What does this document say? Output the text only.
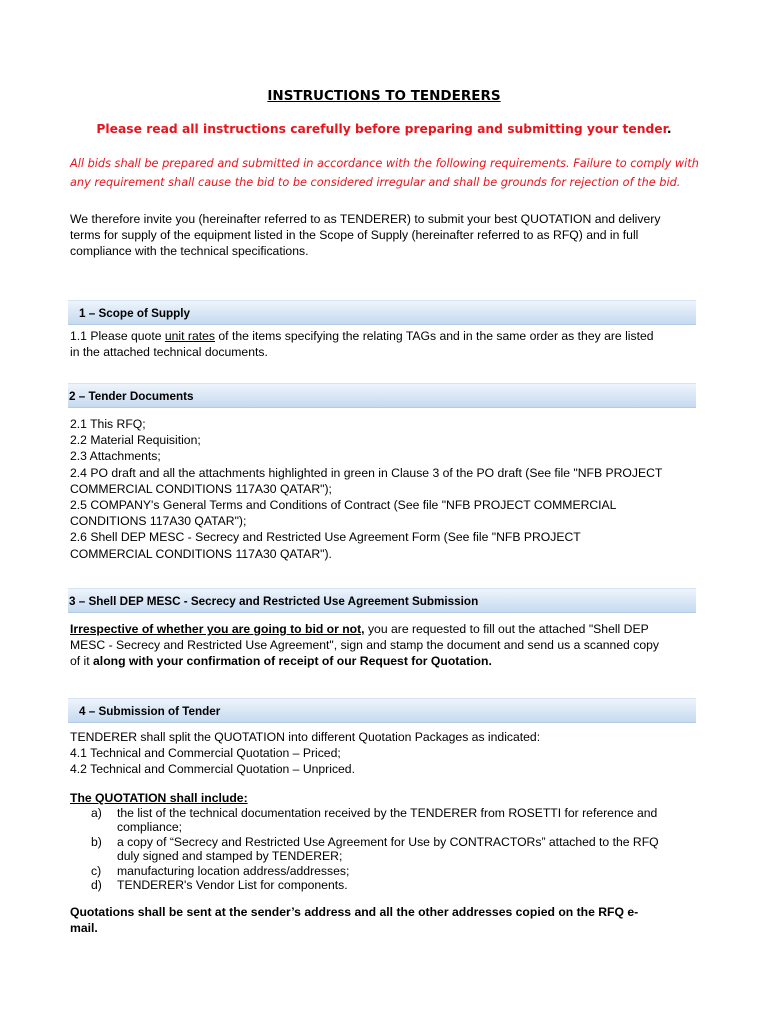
INSTRUCTIONS TO TENDERERS
Please read all instructions carefully before preparing and submitting your tender.
All bids shall be prepared and submitted in accordance with the following requirements. Failure to comply with
any requirement shall cause the bid to be considered irregular and shall be grounds for rejection of the bid.
We therefore invite you (hereinafter referred to as TENDERER) to submit your best QUOTATION and delivery
terms for supply of the equipment listed in the Scope of Supply (hereinafter referred to as RFQ) and in full
compliance with the technical specifications.
1 – Scope of Supply
1.1 Please quote unit rates of the items specifying the relating TAGs and in the same order as they are listed
in the attached technical documents.
2 – Tender Documents
2.1 This RFQ;
2.2 Material Requisition;
2.3 Attachments;
2.4 PO draft and all the attachments highlighted in green in Clause 3 of the PO draft (See file "NFB PROJECT
COMMERCIAL CONDITIONS 117A30 QATAR");
2.5 COMPANY's General Terms and Conditions of Contract (See file "NFB PROJECT COMMERCIAL
CONDITIONS 117A30 QATAR");
2.6 Shell DEP MESC - Secrecy and Restricted Use Agreement Form (See file "NFB PROJECT
COMMERCIAL CONDITIONS 117A30 QATAR").
3 – Shell DEP MESC - Secrecy and Restricted Use Agreement Submission
Irrespective of whether you are going to bid or not, you are requested to fill out the attached "Shell DEP
MESC - Secrecy and Restricted Use Agreement", sign and stamp the document and send us a scanned copy
of it along with your confirmation of receipt of our Request for Quotation.
4 – Submission of Tender
TENDERER shall split the QUOTATION into different Quotation Packages as indicated:
4.1 Technical and Commercial Quotation – Priced;
4.2 Technical and Commercial Quotation – Unpriced.
The QUOTATION shall include:
a) the list of the technical documentation received by the TENDERER from ROSETTI for reference and
compliance;
b) a copy of “Secrecy and Restricted Use Agreement for Use by CONTRACTORs” attached to the RFQ
duly signed and stamped by TENDERER;
c) manufacturing location address/addresses;
d) TENDERER's Vendor List for components.
Quotations shall be sent at the sender’s address and all the other addresses copied on the RFQ e-
mail.
